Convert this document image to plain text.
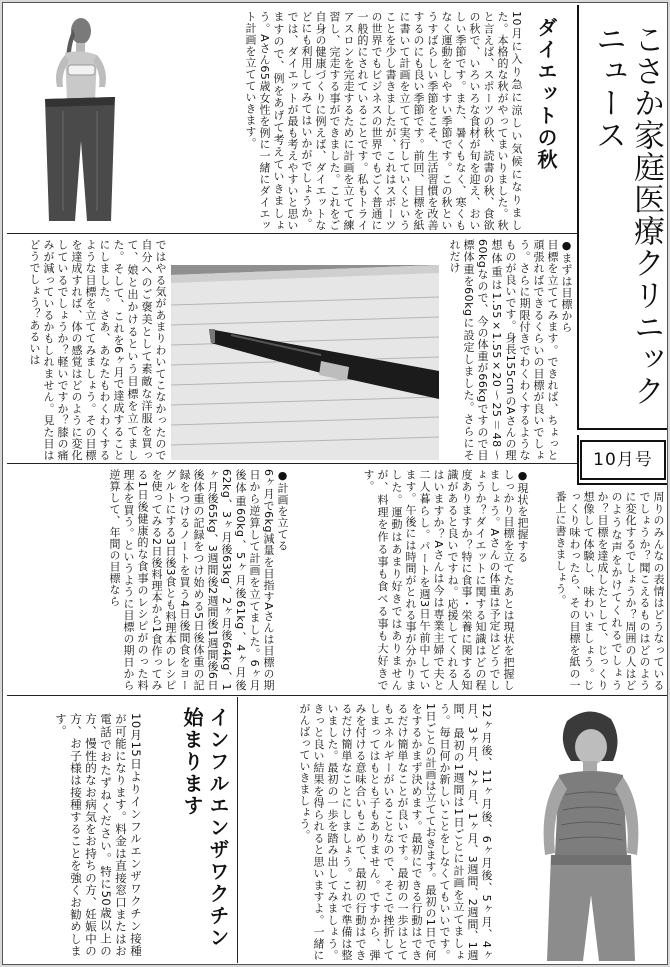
こさか家庭医療クリニックニュース
10月号
ダイエットの秋
10月に入り急に涼しい気候になりました。本格的な秋がやってまいりました。秋と言えば、スポーツの秋、読書の秋、食欲の秋で、いろいろな食材が旬を迎え、おいしい季節です。また、暑くもなく、寒くもなく運動をしやすい季節です。この秋というすばらしい季節をこそ、生活習慣を改善するのにも良い季節です。前回、目標を紙に書いて計画を立てて実行していくということを少し書きましたが、これはスポーツの世界でもビジネスの世界でもごく普通に一般的にされていることです。私もトライアスロンを完走するために計画を立てて練習し、完走する事ができました。これをご自身の健康づくりに例えば、ダイエットなどにも利用してみてはいかがでしょうか。
では、ダイエットが最も考えやすいと思いますので、例をあげて考えていきましょう。Aさん65歳女性を例に一緒にダイエット計画を立てていきます。
●まずは目標から
目標を立ててみます。できれば、ちょっと頑張ればできるくらいの目標が良いでしょう。さらに期限付きでわくわくするようなものが良いです。身長155cmのAさんの理想体重は1.55×1.55×20〜25＝48〜60kgなので、今の体重が66kgですので目標体重を60kgに設定しました。さらにそれだけ
ではやる気があまりわいてこなかったので自分へのご褒美として素敵な洋服を買って、娘と出かけるという目標を立てました。そして、これを6ヶ月で達成することにしました。さあ、あなたもわくわくするような目標を立ててみましょう。その目標を達成すれば、体の感覚はどのように変化しているでしょうか？軽いですか？膝の痛みが減っているかもしれません。見た目はどうでしょう？あるいは
周りのみんなの表情はどうなっているでしょうか？聞こえるものはどのように変化するでしょうか？周囲の人はどのような声をかけてくれるでしょうか？目標を達成したとして、じっくり想像して体験し、味わいましょう。じっくり味わったら、その目標を紙の一番上に書きましょう。
●現状を把握する
しっかり目標を立てたあとは現状を把握しましょう。Aさんの体重は予定はどうでしょうか？ダイエットに関する知識はどの程度ありますか？特に食事・栄養に関する知識があると良いですね。応援してくれる人はいますか？Aさんは今は専業主婦で夫と二人暮らし。パートを週3日午前中しています。午後には時間がとれる事が分かりました。運動はあまり好きではありませんが、料理を作る事も食べる事も大好きです。
●計画を立てる
6ヶ月で6kg減量を目指すAさんは目標の期日から逆算して計画を立てました。6ヶ月後体重60kg、5ヶ月後61kg、4ヶ月後62kg、3ヶ月後63kg、2ヶ月後64kg、1ヶ月後65kg、3週間後2週間後1週間後6日後体重の記録をつけ始める5日後体重の記録をつけるノートを買う4日後間食をヨーグルトにする3日後3食とも料理本のレシピを使ってみる2日後料理本から1食作ってみる1日後健康的な食事のレシピがのった料理本を買う。というように目標の期日から逆算して、年間の目標なら
12ヶ月後、11ヶ月後、6ヶ月後、5ヶ月、4ヶ月、3ヶ月、2ヶ月、1ヶ月、3週間、2週間、1週間、最初の1週間は1日ごとに計画を立てましょう。毎日何か新しいことをしなくてもいいです。1日ごとの計画は立てておきます。最初の1日で何をするかまず決めます。最初にできる行動はできるだけ簡単なことが良いです。最初の一歩はとてもエネルギーがいることなので、そこで挫折してしまってはもとも子もありません。ですから、弾みを付ける意味合いもこめて、最初の行動はできるだけ簡単なことにしましょう。これで準備は整いました。最初の一歩を踏み出してみましょう。きっと良い結果を得られると思いますよ。一緒にがんばっていきましょう。
インフルエンザワクチン始まります
10月15日よりインフルエンザワクチン接種が可能になります。料金は直接窓口またはお電話でおたずねください。特に50歳以上の方、慢性的なお病気をお持ちの方、妊娠中の方、お子様は接種することを強くお勧めします。
